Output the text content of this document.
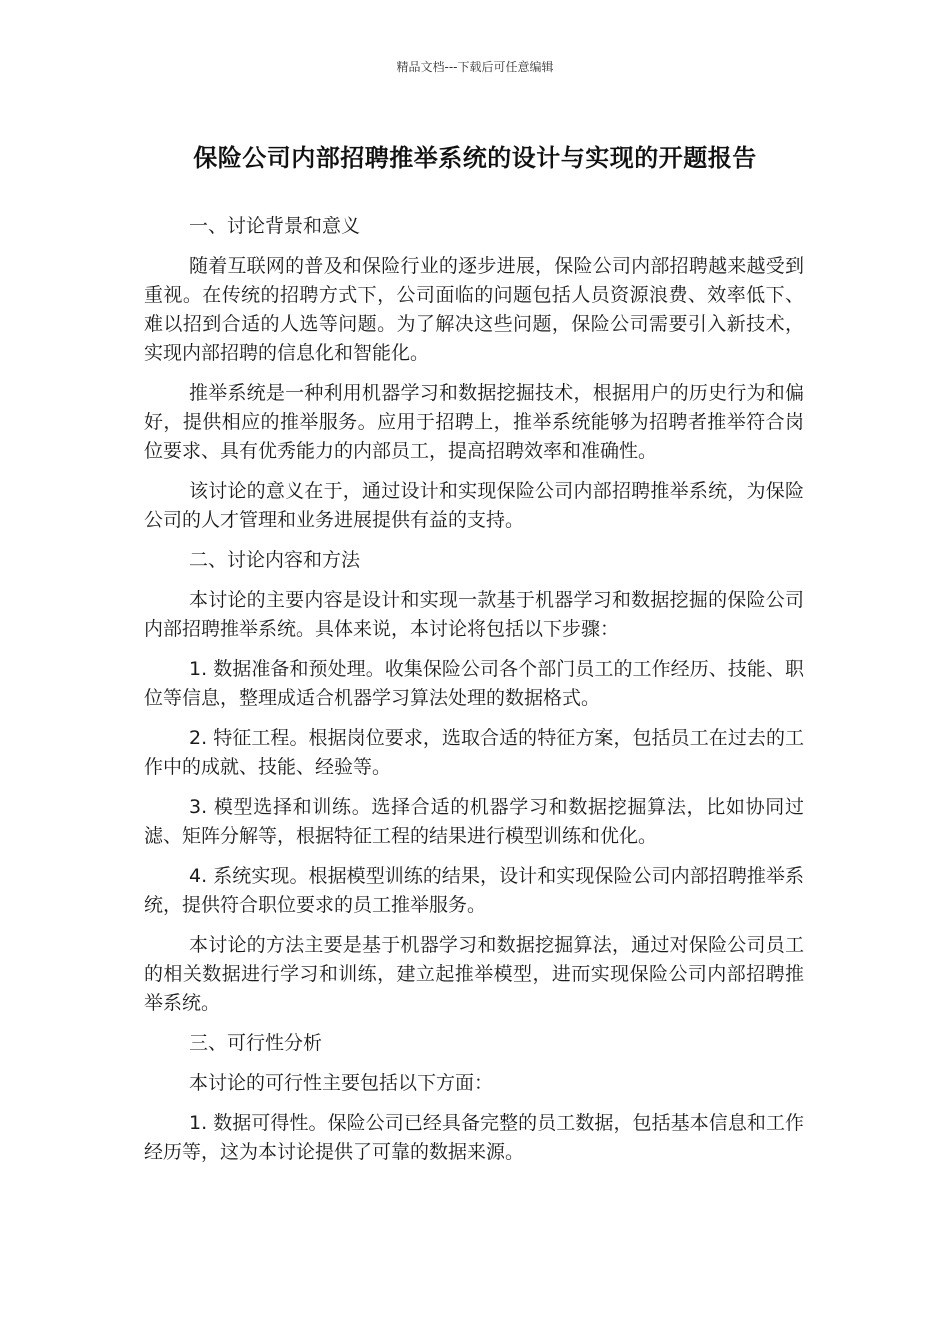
精品文档---下载后可任意编辑
保险公司内部招聘推举系统的设计与实现的开题报告

一、讨论背景和意义

随着互联网的普及和保险行业的逐步进展，保险公司内部招聘越来越受到重视。在传统的招聘方式下，公司面临的问题包括人员资源浪费、效率低下、难以招到合适的人选等问题。为了解决这些问题，保险公司需要引入新技术，实现内部招聘的信息化和智能化。

推举系统是一种利用机器学习和数据挖掘技术，根据用户的历史行为和偏好，提供相应的推举服务。应用于招聘上，推举系统能够为招聘者推举符合岗位要求、具有优秀能力的内部员工，提高招聘效率和准确性。

该讨论的意义在于，通过设计和实现保险公司内部招聘推举系统，为保险公司的人才管理和业务进展提供有益的支持。

二、讨论内容和方法

本讨论的主要内容是设计和实现一款基于机器学习和数据挖掘的保险公司内部招聘推举系统。具体来说，本讨论将包括以下步骤：

1. 数据准备和预处理。收集保险公司各个部门员工的工作经历、技能、职位等信息，整理成适合机器学习算法处理的数据格式。

2. 特征工程。根据岗位要求，选取合适的特征方案，包括员工在过去的工作中的成就、技能、经验等。

3. 模型选择和训练。选择合适的机器学习和数据挖掘算法，比如协同过滤、矩阵分解等，根据特征工程的结果进行模型训练和优化。

4. 系统实现。根据模型训练的结果，设计和实现保险公司内部招聘推举系统，提供符合职位要求的员工推举服务。

本讨论的方法主要是基于机器学习和数据挖掘算法，通过对保险公司员工的相关数据进行学习和训练，建立起推举模型，进而实现保险公司内部招聘推举系统。

三、可行性分析

本讨论的可行性主要包括以下方面：

1. 数据可得性。保险公司已经具备完整的员工数据，包括基本信息和工作经历等，这为本讨论提供了可靠的数据来源。
